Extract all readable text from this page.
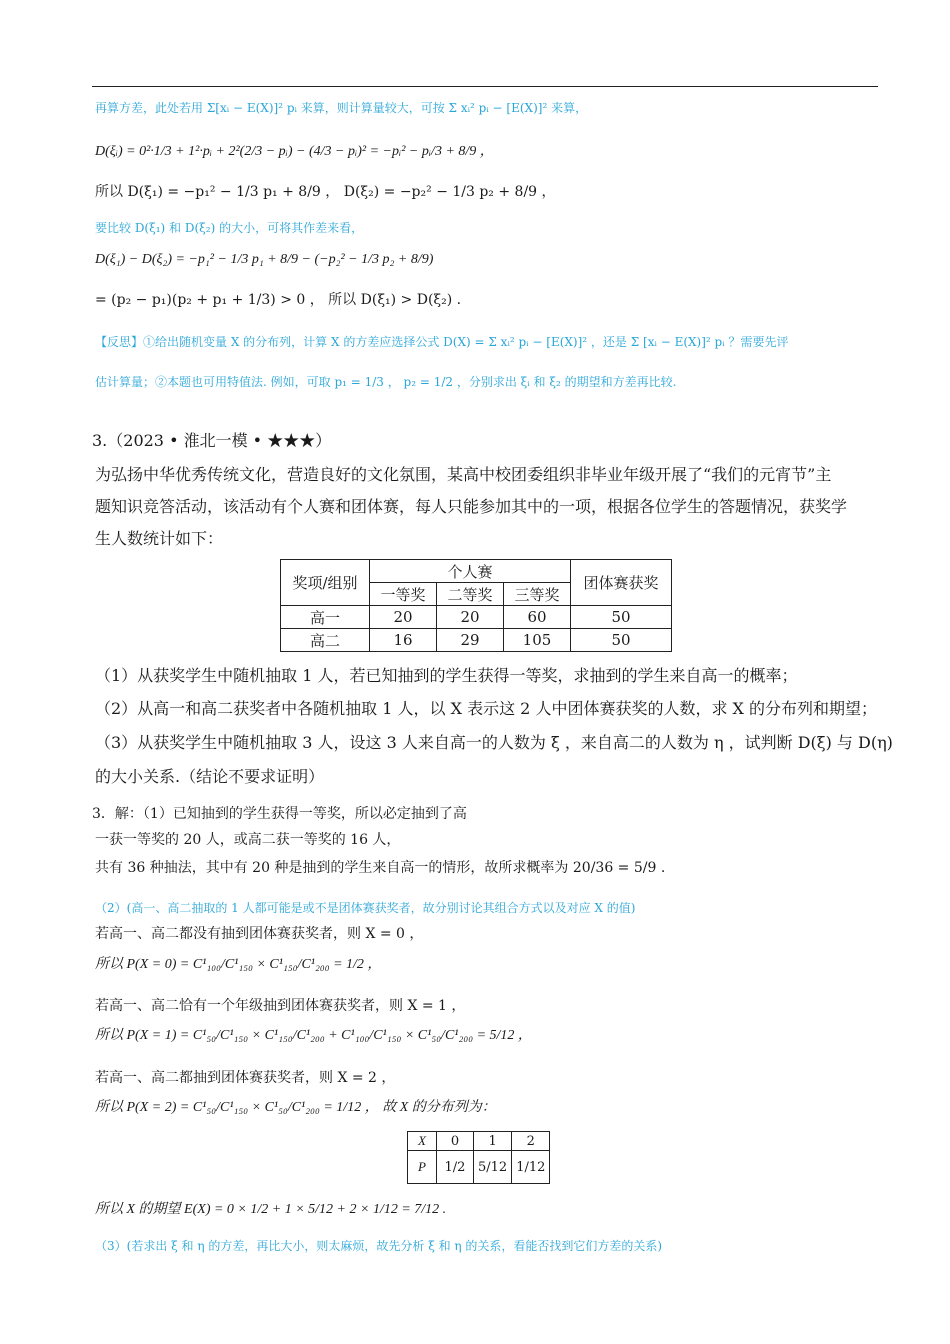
再算方差，此处若用 Σ[xᵢ − E(X)]² pᵢ 来算，则计算量较大，可按 Σ xᵢ² pᵢ − [E(X)]² 来算，
D(ξᵢ) = 0²·1/3 + 1²·pᵢ + 2²(2/3 − pᵢ) − (4/3 − pᵢ)² = −pᵢ² − pᵢ/3 + 8/9 ，
所以 D(ξ₁) = −p₁² − 1/3 p₁ + 8/9 ， D(ξ₂) = −p₂² − 1/3 p₂ + 8/9 ，
要比较 D(ξ₁) 和 D(ξ₂) 的大小，可将其作差来看，
D(ξ₁) − D(ξ₂) = −p₁² − 1/3 p₁ + 8/9 − (−p₂² − 1/3 p₂ + 8/9)
= (p₂ − p₁)(p₂ + p₁ + 1/3) > 0 ， 所以 D(ξ₁) > D(ξ₂) .
【反思】①给出随机变量 X 的分布列，计算 X 的方差应选择公式 D(X) = Σ xᵢ² pᵢ − [E(X)]² ，还是 Σ [xᵢ − E(X)]² pᵢ ？需要先评
估计算量；②本题也可用特值法. 例如，可取 p₁ = 1/3 ， p₂ = 1/2 ，分别求出 ξᵢ 和 ξ₂ 的期望和方差再比较.
3.（2023 • 淮北一模 • ★★★）
为弘扬中华优秀传统文化，营造良好的文化氛围，某高中校团委组织非毕业年级开展了“我们的元宵节”主
题知识竞答活动，该活动有个人赛和团体赛，每人只能参加其中的一项，根据各位学生的答题情况，获奖学
生人数统计如下：
奖项/组别	个人赛			团体赛获奖
	一等奖	二等奖	三等奖	
高一	20	20	60	50
高二	16	29	105	50
（1）从获奖学生中随机抽取 1 人，若已知抽到的学生获得一等奖，求抽到的学生来自高一的概率；
（2）从高一和高二获奖者中各随机抽取 1 人，以 X 表示这 2 人中团体赛获奖的人数，求 X 的分布列和期望；
（3）从获奖学生中随机抽取 3 人，设这 3 人来自高一的人数为 ξ ，来自高二的人数为 η ，试判断 D(ξ) 与 D(η)
的大小关系.（结论不要求证明）
3．解：（1）已知抽到的学生获得一等奖，所以必定抽到了高
一获一等奖的 20 人，或高二获一等奖的 16 人，
共有 36 种抽法，其中有 20 种是抽到的学生来自高一的情形，故所求概率为 20/36 = 5/9 .
（2）(高一、高二抽取的 1 人都可能是或不是团体赛获奖者，故分别讨论其组合方式以及对应 X 的值)
若高一、高二都没有抽到团体赛获奖者，则 X = 0 ，
所以 P(X = 0) = C¹₁₀₀/C¹₁₅₀ × C¹₁₅₀/C¹₂₀₀ = 1/2 ，
若高一、高二恰有一个年级抽到团体赛获奖者，则 X = 1 ，
所以 P(X = 1) = C¹₅₀/C¹₁₅₀ × C¹₁₅₀/C¹₂₀₀ + C¹₁₀₀/C¹₁₅₀ × C¹₅₀/C¹₂₀₀ = 5/12 ，
若高一、高二都抽到团体赛获奖者，则 X = 2 ，
所以 P(X = 2) = C¹₅₀/C¹₁₅₀ × C¹₅₀/C¹₂₀₀ = 1/12 ， 故 X 的分布列为：
X	0	1	2
P	1/2	5/12	1/12
所以 X 的期望 E(X) = 0 × 1/2 + 1 × 5/12 + 2 × 1/12 = 7/12 .
（3）(若求出 ξ 和 η 的方差，再比大小，则太麻烦，故先分析 ξ 和 η 的关系，看能否找到它们方差的关系)
